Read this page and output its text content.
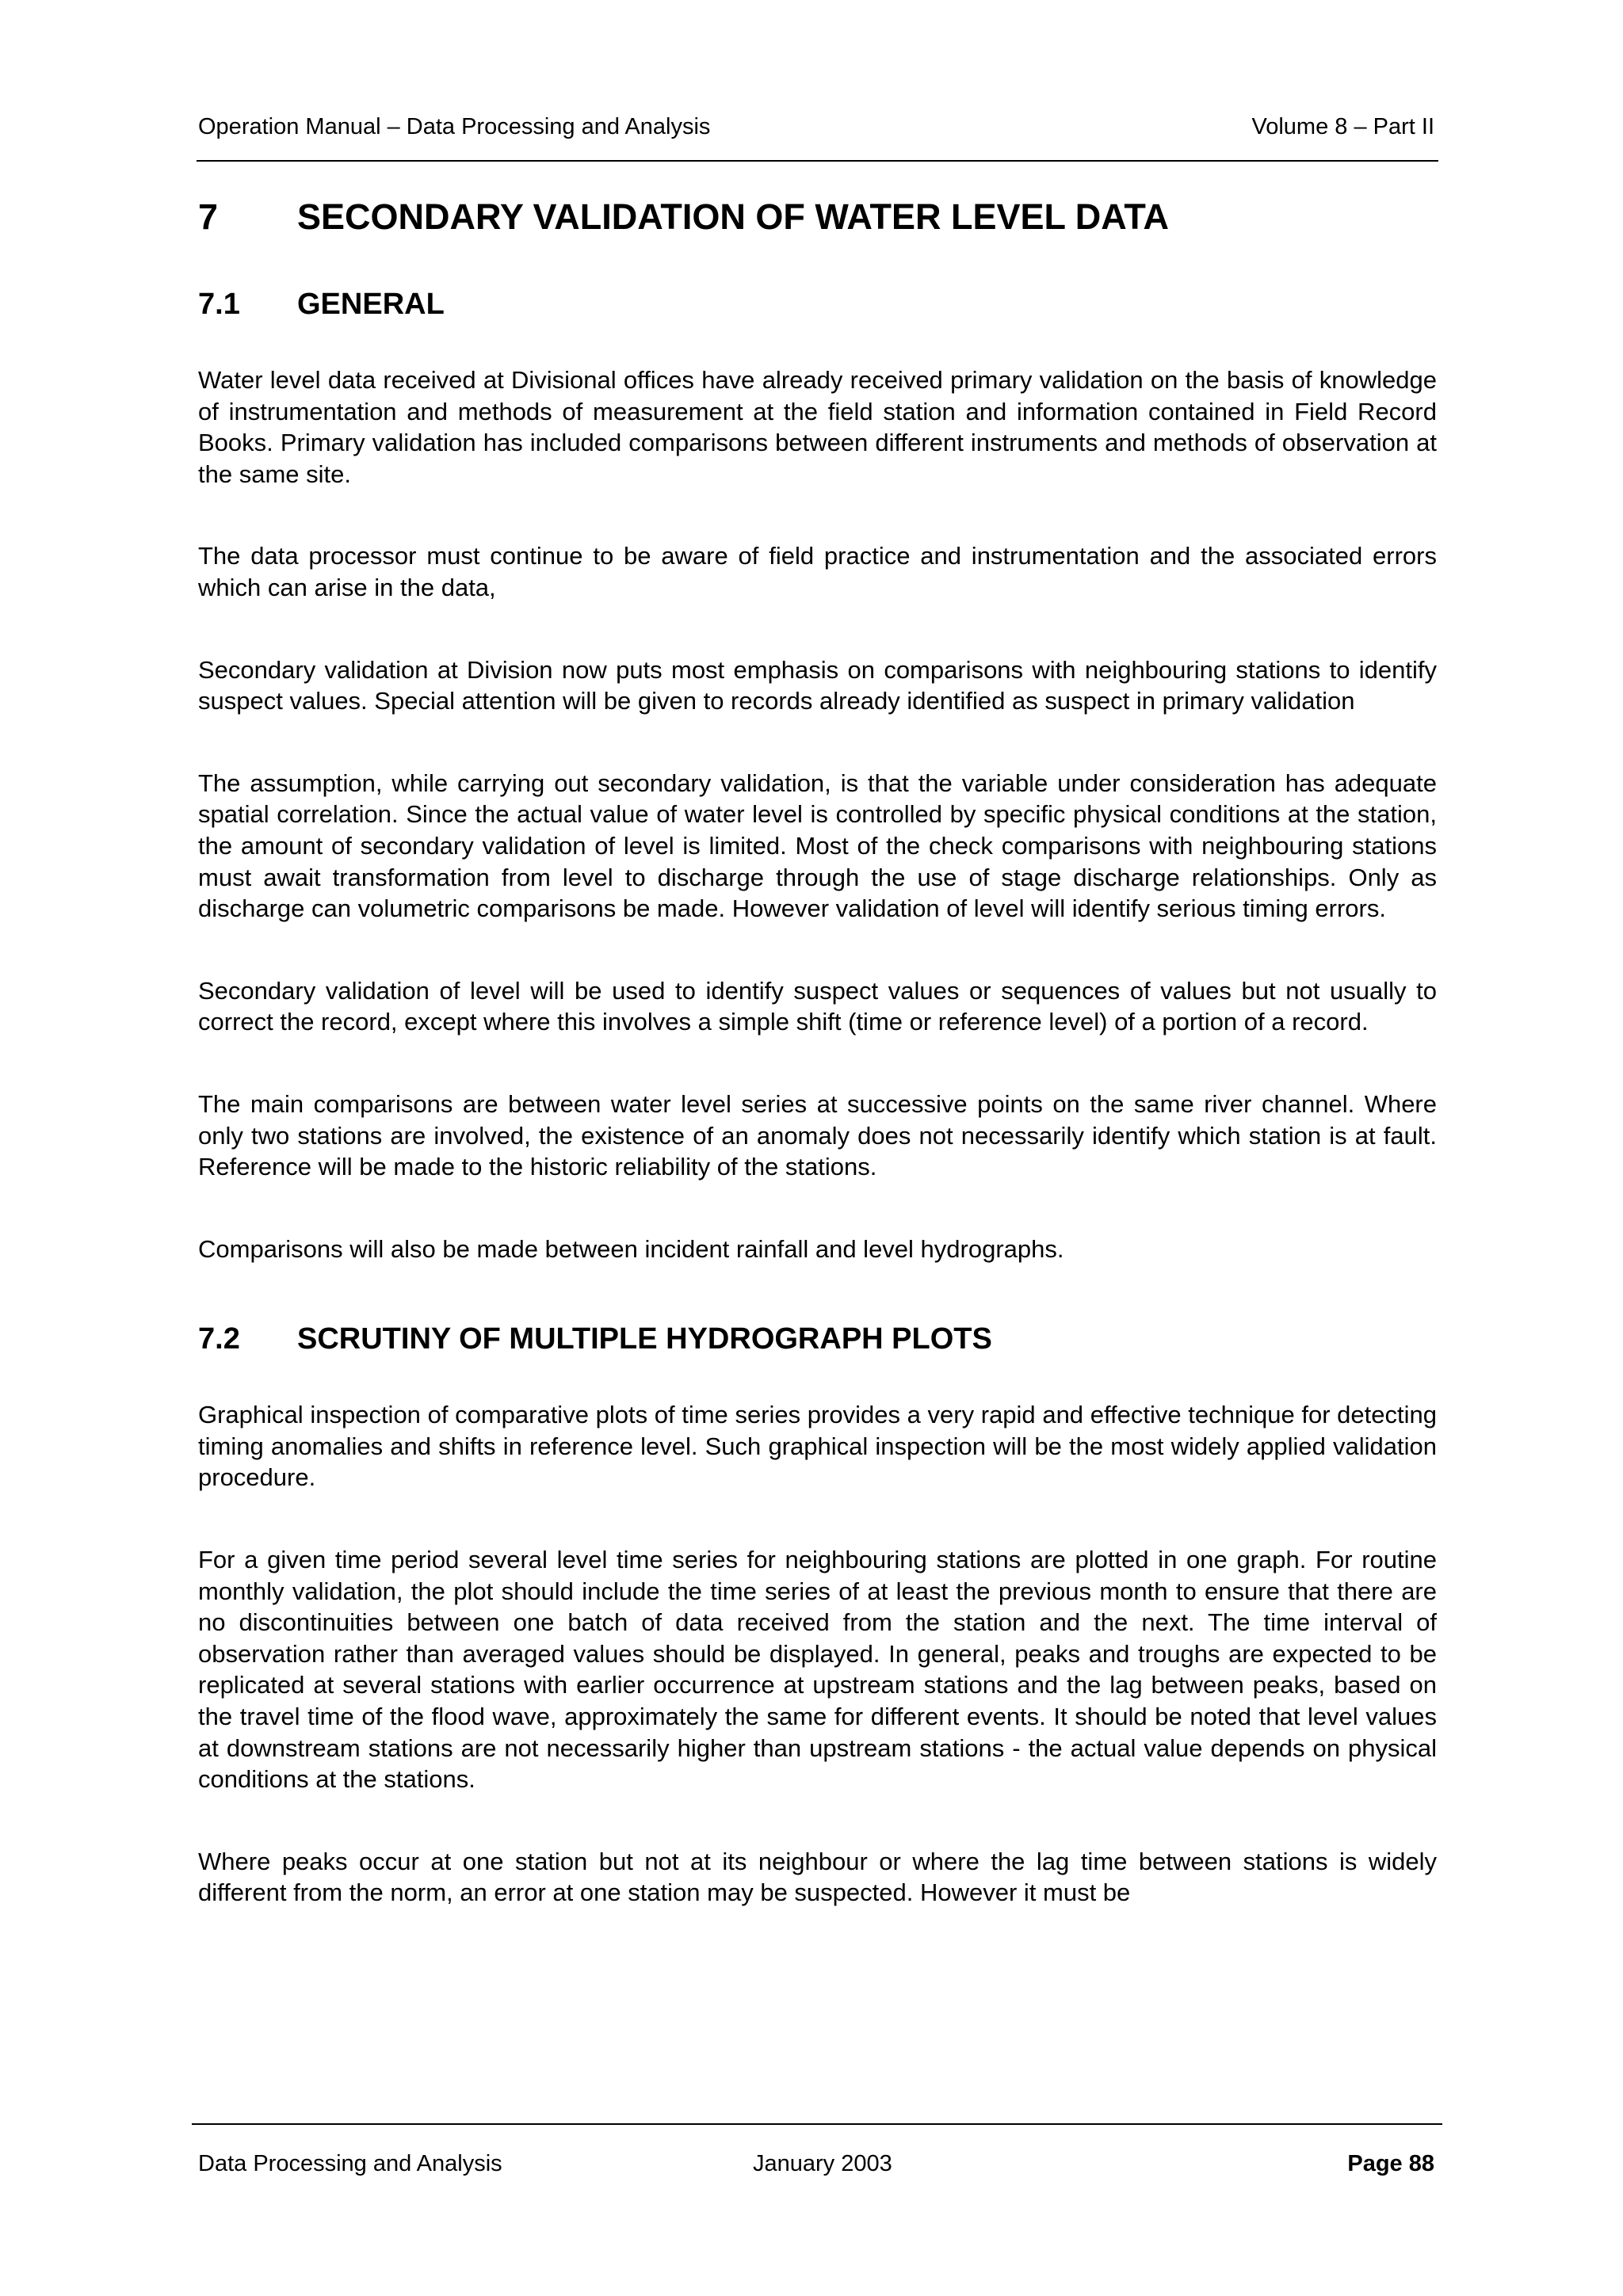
Operation Manual – Data Processing and Analysis	Volume 8 – Part II
7	SECONDARY VALIDATION OF WATER LEVEL DATA
7.1	GENERAL

Water level data received at Divisional offices have already received primary validation on the basis of knowledge of instrumentation and methods of measurement at the field station and information contained in Field Record Books. Primary validation has included comparisons between different instruments and methods of observation at the same site.

The data processor must continue to be aware of field practice and instrumentation and the associated errors which can arise in the data,

Secondary validation at Division now puts most emphasis on comparisons with neighbouring stations to identify suspect values. Special attention will be given to records already identified as suspect in primary validation

The assumption, while carrying out secondary validation, is that the variable under consideration has adequate spatial correlation. Since the actual value of water level is controlled by specific physical conditions at the station, the amount of secondary validation of level is limited. Most of the check comparisons with neighbouring stations must await transformation from level to discharge through the use of stage discharge relationships. Only as discharge can volumetric comparisons be made. However validation of level will identify serious timing errors.

Secondary validation of level will be used to identify suspect values or sequences of values but not usually to correct the record, except where this involves a simple shift (time or reference level) of a portion of a record.

The main comparisons are between water level series at successive points on the same river channel. Where only two stations are involved, the existence of an anomaly does not necessarily identify which station is at fault. Reference will be made to the historic reliability of the stations.

Comparisons will also be made between incident rainfall and level hydrographs.

7.2	SCRUTINY OF MULTIPLE HYDROGRAPH PLOTS

Graphical inspection of comparative plots of time series provides a very rapid and effective technique for detecting timing anomalies and shifts in reference level. Such graphical inspection will be the most widely applied validation procedure.

For a given time period several level time series for neighbouring stations are plotted in one graph. For routine monthly validation, the plot should include the time series of at least the previous month to ensure that there are no discontinuities between one batch of data received from the station and the next. The time interval of observation rather than averaged values should be displayed. In general, peaks and troughs are expected to be replicated at several stations with earlier occurrence at upstream stations and the lag between peaks, based on the travel time of the flood wave, approximately the same for different events. It should be noted that level values at downstream stations are not necessarily higher than upstream stations - the actual value depends on physical conditions at the stations.

Where peaks occur at one station but not at its neighbour or where the lag time between stations is widely different from the norm, an error at one station may be suspected. However it must be

Data Processing and Analysis	January 2003	Page 88
